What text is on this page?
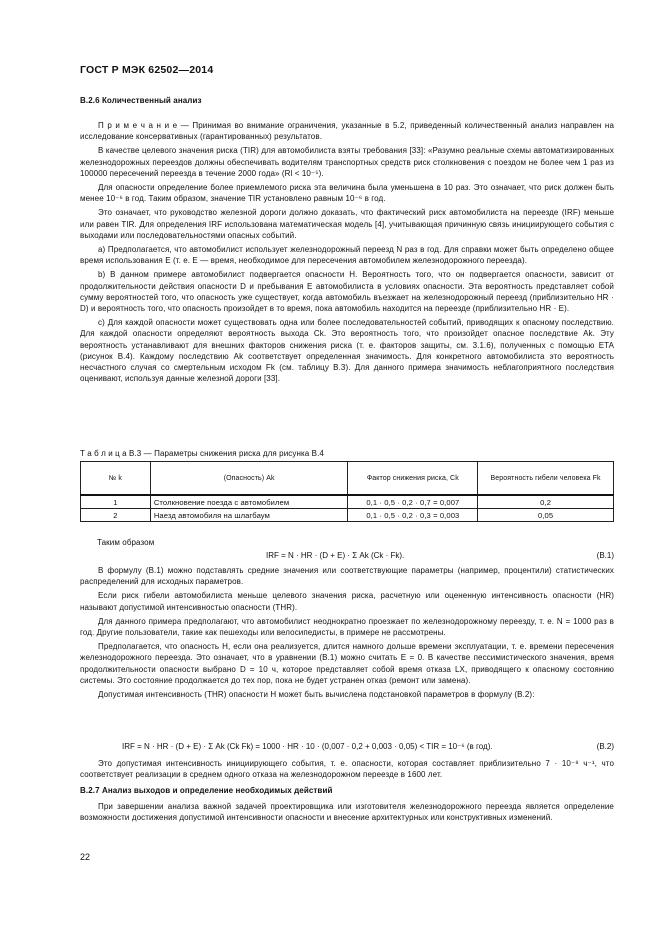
ГОСТ Р МЭК 62502—2014
B.2.6 Количественный анализ

П р и м е ч а н и е — Принимая во внимание ограничения, указанные в 5.2, приведенный количественный анализ направлен на исследование консервативных (гарантированных) результатов.

В качестве целевого значения риска (TIR) для автомобилиста взяты требования [33]: «Разумно реальные схемы автоматизированных железнодорожных переездов должны обеспечивать водителям транспортных средств риск столкновения с поездом не более чем 1 раз из 100000 пересечений переезда в течение 2000 года» (Rl < 10⁻⁵).

Для опасности определение более приемлемого риска эта величина была уменьшена в 10 раз. Это означает, что риск должен быть менее 10⁻⁶ в год. Таким образом, значение TIR установлено равным 10⁻⁶ в год.

Это означает, что руководство железной дороги должно доказать, что фактический риск автомобилиста на переезде (IRF) меньше или равен TIR. Для определения IRF использована математическая модель [4], учитывающая причинную связь инициирующего события с выходами или последовательностями опасных событий.

a) Предполагается, что автомобилист использует железнодорожный переезд N раз в год. Для справки может быть определено общее время использования E (т. е. E — время, необходимое для пересечения автомобилем железнодорожного переезда).

b) В данном примере автомобилист подвергается опасности H. Вероятность того, что он подвергается опасности, зависит от продолжительности действия опасности D и пребывания E автомобилиста в условиях опасности. Эта вероятность представляет собой сумму вероятностей того, что опасность уже существует, когда автомобиль въезжает на железнодорожный переезд (приблизительно HR · D) и вероятность того, что опасность произойдет в то время, пока автомобиль находится на переезде (приблизительно HR · E).

c) Для каждой опасности может существовать одна или более последовательностей событий, приводящих к опасному последствию. Для каждой опасности определяют вероятность выхода Ck. Это вероятность того, что произойдет опасное последствие Ak. Эту вероятность устанавливают для внешних факторов снижения риска (т. е. факторов защиты, см. 3.1.6), полученных с помощью ETA (рисунок B.4). Каждому последствию Ak соответствует определенная значимость. Для конкретного автомобилиста это вероятность несчастного случая со смертельным исходом Fk (см. таблицу B.3). Для данного примера значимость неблагоприятного последствия оценивают, используя данные железной дороги [33].

Т а б л и ц а B.3 — Параметры снижения риска для рисунка B.4
№ k	(Опасность) Ak	Фактор снижения риска, Ck	Вероятность гибели человека Fk
1	Столкновение поезда с автомобилем	0,1 · 0,5 · 0,2 · 0,7 = 0,007	0,2
2	Наезд автомобиля на шлагбаум	0,1 · 0,5 · 0,2 · 0,3 = 0,003	0,05
Таким образом
IRF = N · HR · (D + E) · Σ Ak (Ck · Fk).	(B.1)

В формулу (B.1) можно подставлять средние значения или соответствующие параметры (например, процентили) статистических распределений для исходных параметров.

Если риск гибели автомобилиста меньше целевого значения риска, расчетную или оцененную интенсивность опасности (HR) называют допустимой интенсивностью опасности (THR).

Для данного примера предполагают, что автомобилист неоднократно проезжает по железнодорожному переезду, т. е. N = 1000 раз в год. Другие пользователи, такие как пешеходы или велосипедисты, в примере не рассмотрены.

Предполагается, что опасность H, если она реализуется, длится намного дольше времени эксплуатации, т. е. времени пересечения железнодорожного переезда. Это означает, что в уравнении (B.1) можно считать E = 0. В качестве пессимистического значения, время продолжительности опасности выбрано D = 10 ч, которое представляет собой время отказа LX, приводящего к опасному состоянию системы. Это состояние продолжается до тех пор, пока не будет устранен отказ (ремонт или замена).

Допустимая интенсивность (THR) опасности H может быть вычислена подстановкой параметров в формулу (B.2):

IRF = N · HR · (D + E) · Σ Ak (Ck Fk) = 1000 · HR · 10 · (0,007 · 0,2 + 0,003 · 0,05) < TIR = 10⁻⁶ (в год).	(B.2)

Это допустимая интенсивность инициирующего события, т. е. опасности, которая составляет приблизительно 7 · 10⁻⁸ ч⁻¹, что соответствует реализации в среднем одного отказа на железнодорожном переезде в 1600 лет.

B.2.7 Анализ выходов и определение необходимых действий

При завершении анализа важной задачей проектировщика или изготовителя железнодорожного переезда является определение возможности достижения допустимой интенсивности опасности и внесение архитектурных или конструктивных изменений.

22
